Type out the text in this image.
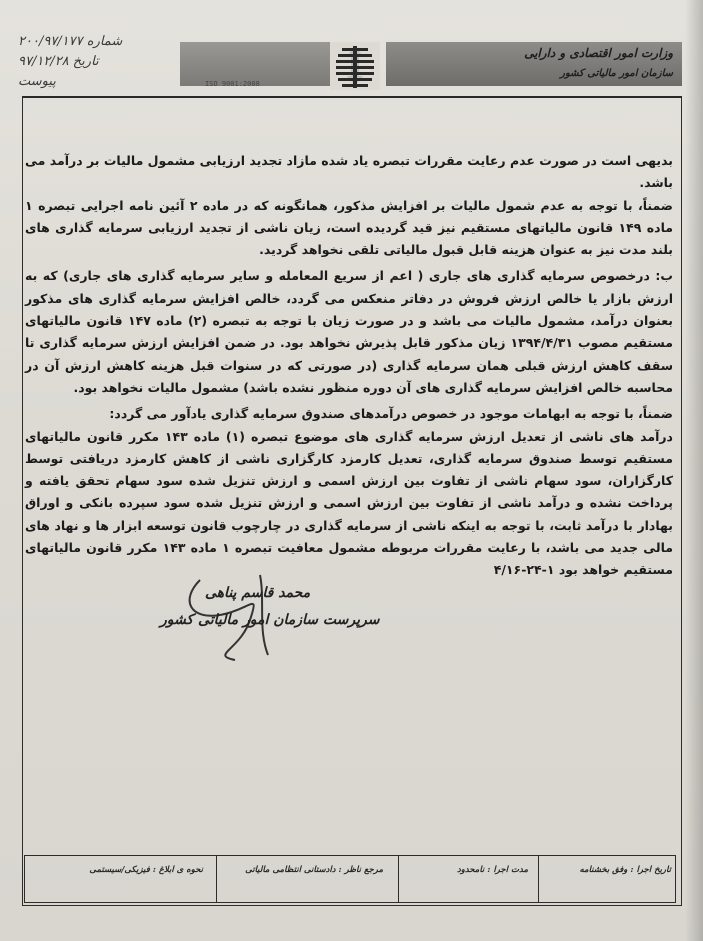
شماره ۲۰۰/۹۷/۱۷۷
تاریخ ۹۷/۱۲/۲۸
پیوست	ISO 9001:2008
وزارت امور اقتصادی و دارایی
سازمان امور مالیاتی کشور

بدیهی است در صورت عدم رعایت مقررات تبصره یاد شده مازاد تجدید ارزیابی مشمول مالیات بر درآمد می باشد.

ضمناً، با توجه به عدم شمول مالیات بر افزایش مذکور، همانگونه که در ماده ۲ آئین نامه اجرایی تبصره ۱ ماده ۱۴۹ قانون مالیاتهای مستقیم نیز قید گردیده است، زیان ناشی از تجدید ارزیابی سرمایه گذاری های بلند مدت نیز به عنوان هزینه قابل قبول مالیاتی تلقی نخواهد گردید.

ب: درخصوص سرمایه گذاری های جاری ( اعم از سریع المعامله و سایر سرمایه گذاری های جاری) که به ارزش بازار یا خالص ارزش فروش در دفاتر منعکس می گردد، خالص افزایش سرمایه گذاری های مذکور بعنوان درآمد، مشمول مالیات می باشد و در صورت زیان با توجه به تبصره (۲) ماده ۱۴۷ قانون مالیاتهای مستقیم مصوب ۱۳۹۴/۴/۳۱ زیان مذکور قابل پذیرش نخواهد بود. در ضمن افزایش ارزش سرمایه گذاری تا سقف کاهش ارزش قبلی همان سرمایه گذاری (در صورتی که در سنوات قبل هزینه کاهش ارزش آن در محاسبه خالص افزایش سرمایه گذاری های آن دوره منظور نشده باشد) مشمول مالیات نخواهد بود.

ضمناً، با توجه به ابهامات موجود در خصوص درآمدهای صندوق سرمایه گذاری یادآور می گردد:

درآمد های ناشی از تعدیل ارزش سرمایه گذاری های موضوع تبصره (۱) ماده ۱۴۳ مکرر قانون مالیاتهای مستقیم توسط صندوق سرمایه گذاری، تعدیل کارمزد کارگزاری ناشی از کاهش کارمزد دریافتی توسط کارگزاران، سود سهام ناشی از تفاوت بین ارزش اسمی و ارزش تنزیل شده سود سهام تحقق یافته و پرداخت نشده و درآمد ناشی از تفاوت بین ارزش اسمی و ارزش تنزیل شده سود سپرده بانکی و اوراق بهادار با درآمد ثابت، با توجه به اینکه ناشی از سرمایه گذاری در چارچوب قانون توسعه ابزار ها و نهاد های مالی جدید می باشد، با رعایت مقررات مربوطه مشمول معافیت تبصره ۱ ماده ۱۴۳ مکرر قانون مالیاتهای مستقیم خواهد بود ۱-۲۴-۴/۱۶

محمد قاسم پناهی
سرپرست سازمان امور مالیاتی کشور
تاریخ اجرا : وفق بخشنامه
مدت اجرا : نامحدود
مرجع ناظر : دادستانی انتظامی مالیاتی
نحوه ی ابلاغ : فیزیکی/سیستمی
